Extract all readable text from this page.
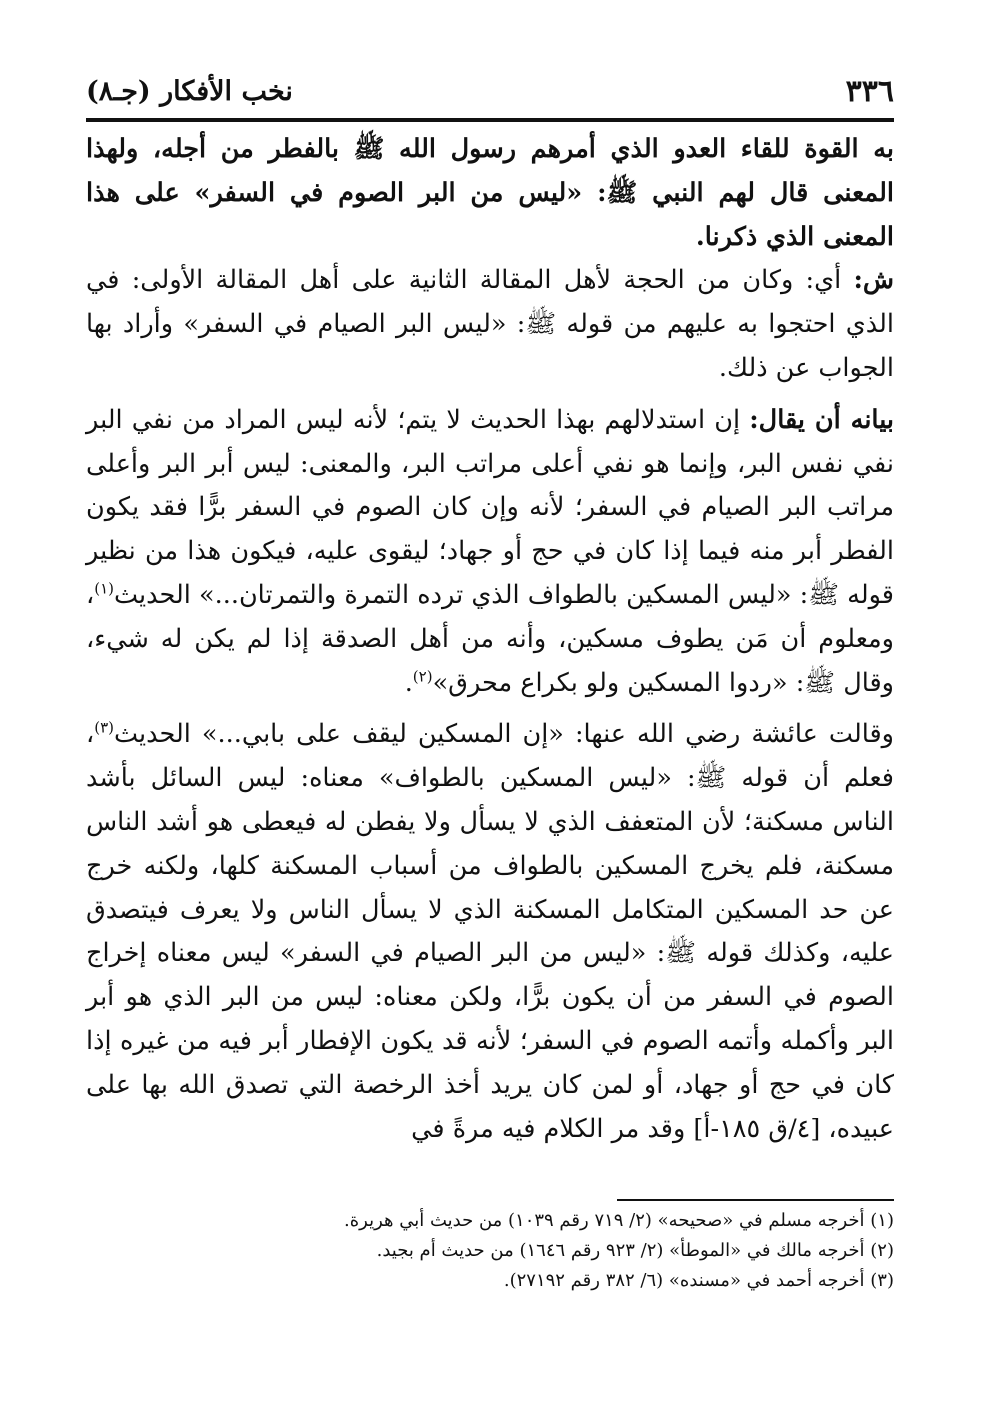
٣٣٦
نخب الأفكار (جـ٨)

به القوة للقاء العدو الذي أمرهم رسول الله ﷺ بالفطر من أجله، ولهذا المعنى قال لهم النبي ﷺ: «ليس من البر الصوم في السفر» على هذا المعنى الذي ذكرنا.

ش: أي: وكان من الحجة لأهل المقالة الثانية على أهل المقالة الأولى: في الذي احتجوا به عليهم من قوله ﷺ: «ليس البر الصيام في السفر» وأراد بها الجواب عن ذلك.

بيانه أن يقال: إن استدلالهم بهذا الحديث لا يتم؛ لأنه ليس المراد من نفي البر نفي نفس البر، وإنما هو نفي أعلى مراتب البر، والمعنى: ليس أبر البر وأعلى مراتب البر الصيام في السفر؛ لأنه وإن كان الصوم في السفر برًّا فقد يكون الفطر أبر منه فيما إذا كان في حج أو جهاد؛ ليقوى عليه، فيكون هذا من نظير قوله ﷺ: «ليس المسكين بالطواف الذي ترده التمرة والتمرتان...» الحديث$^{(١)}$، ومعلوم أن مَن يطوف مسكين، وأنه من أهل الصدقة إذا لم يكن له شيء، وقال ﷺ: «ردوا المسكين ولو بكراع محرق»$^{(٢)}$.

وقالت عائشة رضي الله عنها: «إن المسكين ليقف على بابي...» الحديث$^{(٣)}$، فعلم أن قوله ﷺ: «ليس المسكين بالطواف» معناه: ليس السائل بأشد الناس مسكنة؛ لأن المتعفف الذي لا يسأل ولا يفطن له فيعطى هو أشد الناس مسكنة، فلم يخرج المسكين بالطواف من أسباب المسكنة كلها، ولكنه خرج عن حد المسكين المتكامل المسكنة الذي لا يسأل الناس ولا يعرف فيتصدق عليه، وكذلك قوله ﷺ: «ليس من البر الصيام في السفر» ليس معناه إخراج الصوم في السفر من أن يكون برًّا، ولكن معناه: ليس من البر الذي هو أبر البر وأكمله وأتمه الصوم في السفر؛ لأنه قد يكون الإفطار أبر فيه من غيره إذا كان في حج أو جهاد، أو لمن كان يريد أخذ الرخصة التي تصدق الله بها على عبيده، [٤/ق ١٨٥-أ] وقد مر الكلام فيه مرةً في

(١) أخرجه مسلم في «صحيحه» (٢/ ٧١٩ رقم ١٠٣٩) من حديث أبي هريرة.

(٢) أخرجه مالك في «الموطأ» (٢/ ٩٢٣ رقم ١٦٤٦) من حديث أم بجيد.

(٣) أخرجه أحمد في «مسنده» (٦/ ٣٨٢ رقم ٢٧١٩٢).
